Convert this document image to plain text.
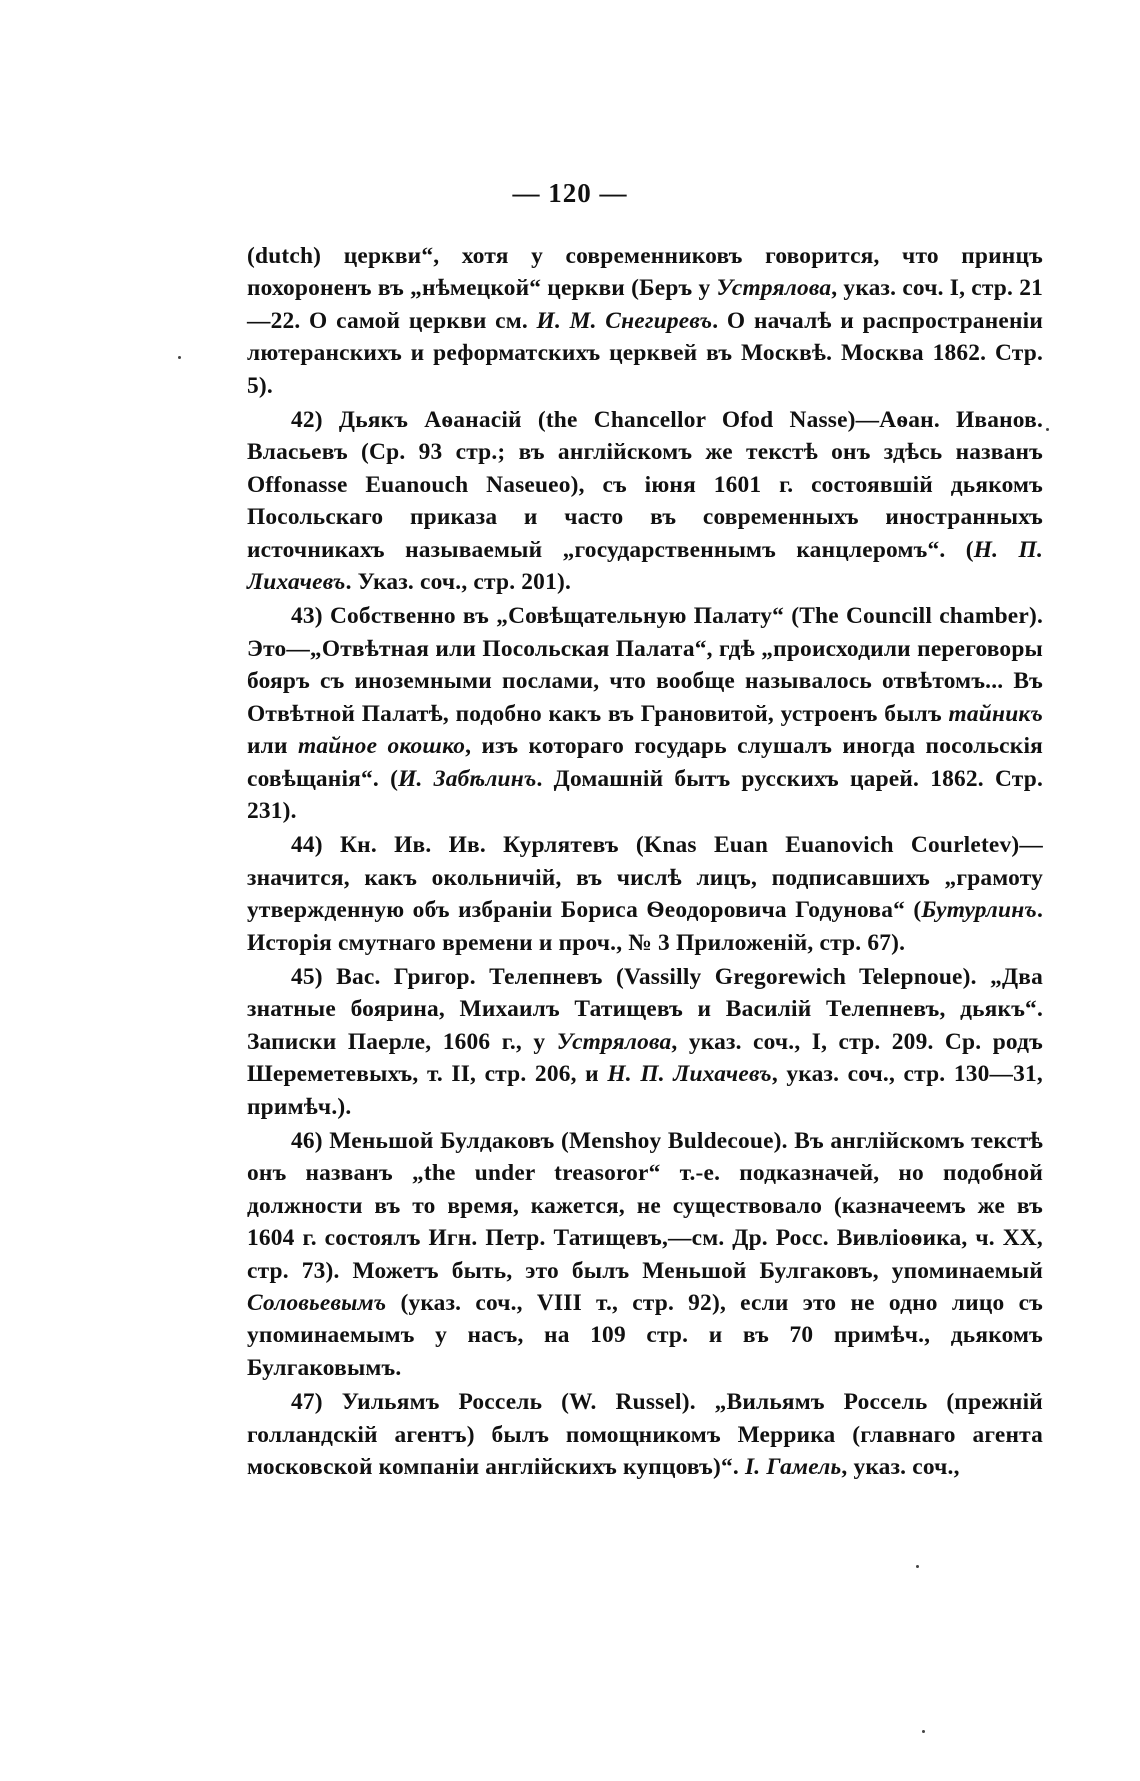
— 120 —

(dutch) церкви“, хотя у современниковъ говорится, что принцъ похороненъ въ „нѣмецкой“ церкви (Беръ у Устрялова, указ. соч. I, стр. 21—22. О самой церкви см. И. М. Снегиревъ. О началѣ и распространеніи лютеранскихъ и реформатскихъ церквей въ Москвѣ. Москва 1862. Стр. 5).

42) Дьякъ Аѳанасій (the Chancellor Ofod Nasse)—Аѳан. Иванов. Власьевъ (Ср. 93 стр.; въ англійскомъ же текстѣ онъ здѣсь названъ Offonasse Euanouch Naseueo), съ іюня 1601 г. состоявшій дьякомъ Посольскаго приказа и часто въ современныхъ иностранныхъ источникахъ называемый „государственнымъ канцлеромъ“. (Н. П. Лихачевъ. Указ. соч., стр. 201).

43) Собственно въ „Совѣщательную Палату“ (The Councill chamber). Это—„Отвѣтная или Посольская Палата“, гдѣ „происходили переговоры бояръ съ иноземными послами, что вообще называлось отвѣтомъ... Въ Отвѣтной Палатѣ, подобно какъ въ Грановитой, устроенъ былъ тайникъ или тайное окошко, изъ котораго государь слушалъ иногда посольскія совѣщанія“. (И. Забѣлинъ. Домашній бытъ русскихъ царей. 1862. Стр. 231).

44) Кн. Ив. Ив. Курлятевъ (Knas Euan Euanovich Courletev)—значится, какъ окольничій, въ числѣ лицъ, подписавшихъ „грамоту утвержденную объ избраніи Бориса Ѳеодоровича Годунова“ (Бутурлинъ. Исторія смутнаго времени и проч., № 3 Приложеній, стр. 67).

45) Вас. Григор. Телепневъ (Vassilly Gregorewich Telepnoue). „Два знатные боярина, Михаилъ Татищевъ и Василій Телепневъ, дьякъ“. Записки Паерле, 1606 г., у Устрялова, указ. соч., I, стр. 209. Ср. родъ Шереметевыхъ, т. II, стр. 206, и Н. П. Лихачевъ, указ. соч., стр. 130—31, примѣч.).

46) Меньшой Булдаковъ (Menshoy Buldecoue). Въ англійскомъ текстѣ онъ названъ „the under treasoror“ т.-е. подказначей, но подобной должности въ то время, кажется, не существовало (казначеемъ же въ 1604 г. состоялъ Игн. Петр. Татищевъ,—см. Др. Росс. Вивліоѳика, ч. XX, стр. 73). Можетъ быть, это былъ Меньшой Булгаковъ, упоминаемый Соловьевымъ (указ. соч., VIII т., стр. 92), если это не одно лицо съ упоминаемымъ у насъ, на 109 стр. и въ 70 примѣч., дьякомъ Булгаковымъ.

47) Уильямъ Россель (W. Russel). „Вильямъ Россель (прежній голландскій агентъ) былъ помощникомъ Меррика (главнаго агента московской компаніи англійскихъ купцовъ)“. I. Гамель, указ. соч.,
